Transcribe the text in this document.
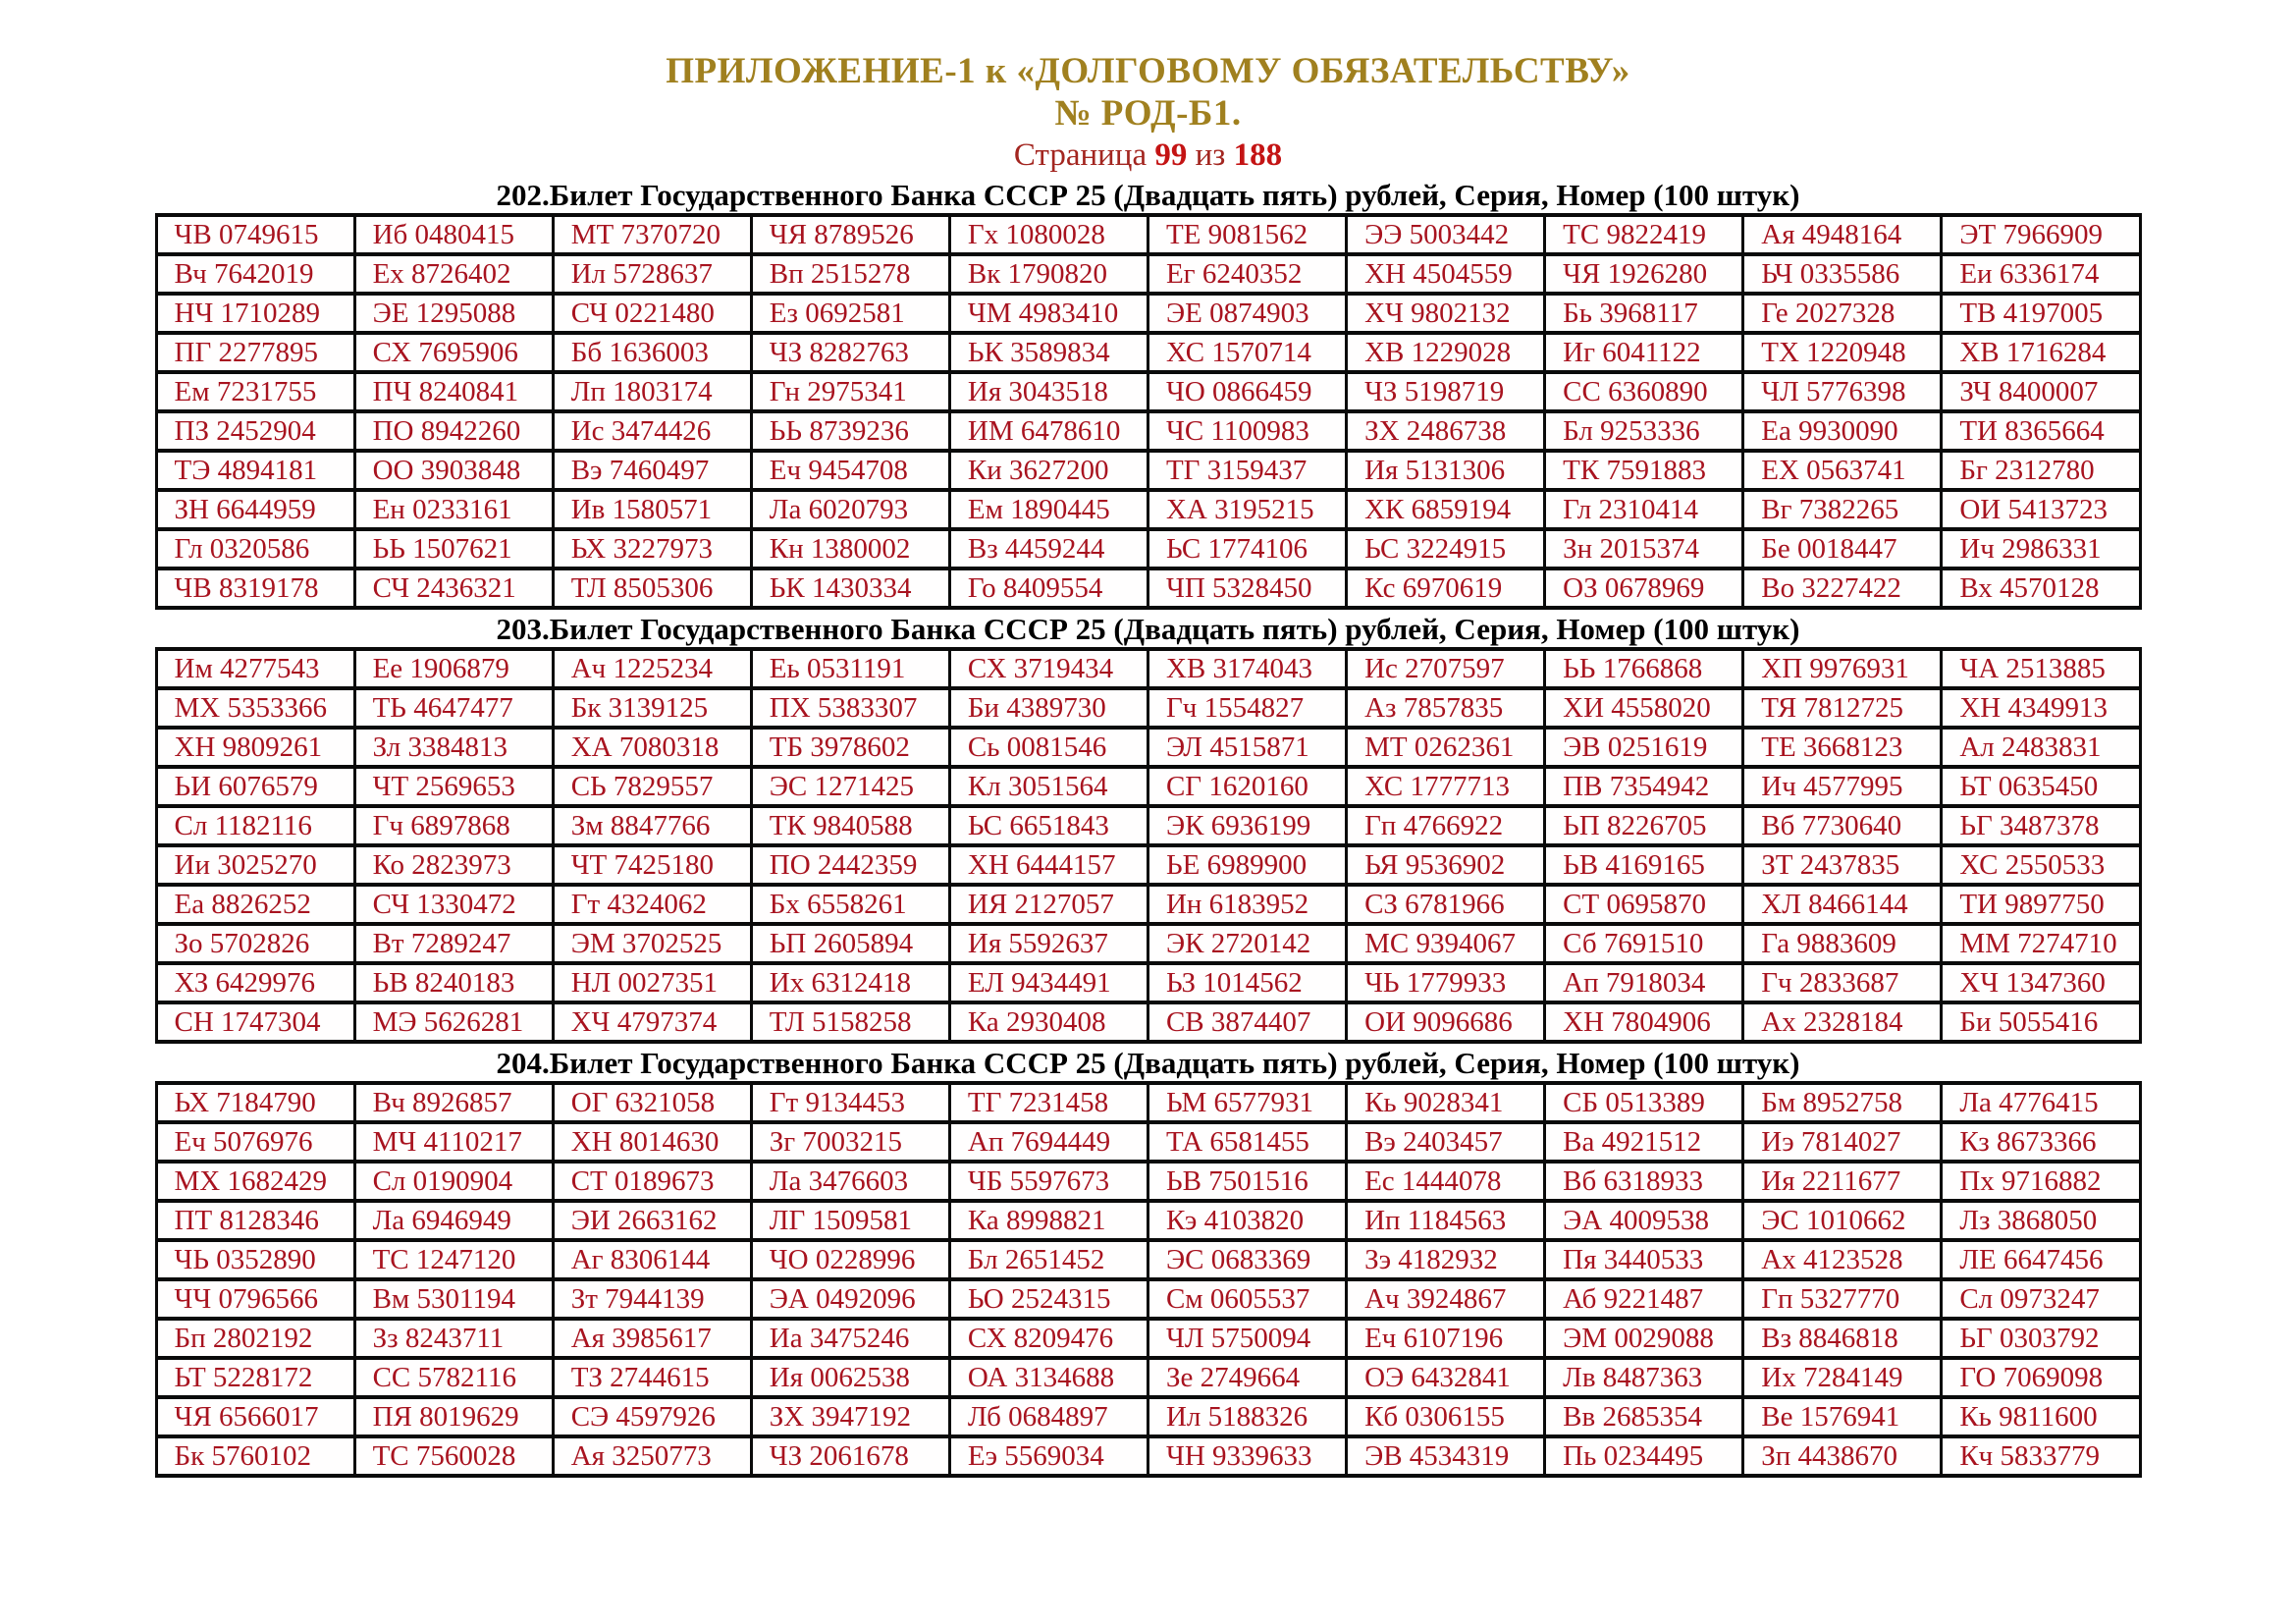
ПРИЛОЖЕНИЕ-1 к «ДОЛГОВОМУ ОБЯЗАТЕЛЬСТВУ»
№ РОД-Б1.
Страница 99 из 188
202.Билет Государственного Банка СССР 25 (Двадцать пять) рублей, Серия, Номер (100 штук)
ЧВ 0749615	Иб 0480415	МТ 7370720	ЧЯ 8789526	Гх 1080028	ТЕ 9081562	ЭЭ 5003442	ТС 9822419	Ая 4948164	ЭТ 7966909
Вч 7642019	Ех 8726402	Ил 5728637	Вп 2515278	Вк 1790820	Ег 6240352	ХН 4504559	ЧЯ 1926280	ЬЧ 0335586	Еи 6336174
НЧ 1710289	ЭЕ 1295088	СЧ 0221480	Ез 0692581	ЧМ 4983410	ЭЕ 0874903	ХЧ 9802132	Бь 3968117	Ге 2027328	ТВ 4197005
ПГ 2277895	СХ 7695906	Бб 1636003	ЧЗ 8282763	ЬК 3589834	ХС 1570714	ХВ 1229028	Иг 6041122	ТХ 1220948	ХВ 1716284
Ем 7231755	ПЧ 8240841	Лп 1803174	Гн 2975341	Ия 3043518	ЧО 0866459	ЧЗ 5198719	СС 6360890	ЧЛ 5776398	ЗЧ 8400007
ПЗ 2452904	ПО 8942260	Ис 3474426	ЬЬ 8739236	ИМ 6478610	ЧС 1100983	ЗХ 2486738	Бл 9253336	Еа 9930090	ТИ 8365664
ТЭ 4894181	ОО 3903848	Вэ 7460497	Еч 9454708	Ки 3627200	ТГ 3159437	Ия 5131306	ТК 7591883	ЕХ 0563741	Бг 2312780
ЗН 6644959	Ен 0233161	Ив 1580571	Ла 6020793	Ем 1890445	ХА 3195215	ХК 6859194	Гл 2310414	Вг 7382265	ОИ 5413723
Гл 0320586	ЬЬ 1507621	ЬХ 3227973	Кн 1380002	Вз 4459244	ЬС 1774106	ЬС 3224915	Зн 2015374	Бе 0018447	Ич 2986331
ЧВ 8319178	СЧ 2436321	ТЛ 8505306	ЬК 1430334	Го 8409554	ЧП 5328450	Кс 6970619	ОЗ 0678969	Во 3227422	Вх 4570128
203.Билет Государственного Банка СССР 25 (Двадцать пять) рублей, Серия, Номер (100 штук)
Им 4277543	Ее 1906879	Ач 1225234	Еь 0531191	СХ 3719434	ХВ 3174043	Ис 2707597	ЬЬ 1766868	ХП 9976931	ЧА 2513885
МХ 5353366	ТЬ 4647477	Бк 3139125	ПХ 5383307	Би 4389730	Гч 1554827	Аз 7857835	ХИ 4558020	ТЯ 7812725	ХН 4349913
ХН 9809261	Зл 3384813	ХА 7080318	ТБ 3978602	Сь 0081546	ЭЛ 4515871	МТ 0262361	ЭВ 0251619	ТЕ 3668123	Ал 2483831
ЬИ 6076579	ЧТ 2569653	СЬ 7829557	ЭС 1271425	Кл 3051564	СГ 1620160	ХС 1777713	ПВ 7354942	Ич 4577995	ЬТ 0635450
Сл 1182116	Гч 6897868	Зм 8847766	ТК 9840588	ЬС 6651843	ЭК 6936199	Гп 4766922	ЬП 8226705	Вб 7730640	ЬГ 3487378
Ии 3025270	Ко 2823973	ЧТ 7425180	ПО 2442359	ХН 6444157	ЬЕ 6989900	ЬЯ 9536902	ЬВ 4169165	ЗТ 2437835	ХС 2550533
Еа 8826252	СЧ 1330472	Гт 4324062	Бх 6558261	ИЯ 2127057	Ин 6183952	СЗ 6781966	СТ 0695870	ХЛ 8466144	ТИ 9897750
Зо 5702826	Вт 7289247	ЭМ 3702525	ЬП 2605894	Ия 5592637	ЭК 2720142	МС 9394067	Сб 7691510	Га 9883609	ММ 7274710
ХЗ 6429976	ЬВ 8240183	НЛ 0027351	Их 6312418	ЕЛ 9434491	ЬЗ 1014562	ЧЬ 1779933	Ап 7918034	Гч 2833687	ХЧ 1347360
СН 1747304	МЭ 5626281	ХЧ 4797374	ТЛ 5158258	Ка 2930408	СВ 3874407	ОИ 9096686	ХН 7804906	Ах 2328184	Би 5055416
204.Билет Государственного Банка СССР 25 (Двадцать пять) рублей, Серия, Номер (100 штук)
ЬХ 7184790	Вч 8926857	ОГ 6321058	Гт 9134453	ТГ 7231458	ЬМ 6577931	Кь 9028341	СБ 0513389	Бм 8952758	Ла 4776415
Еч 5076976	МЧ 4110217	ХН 8014630	Зг 7003215	Ап 7694449	ТА 6581455	Вэ 2403457	Ва 4921512	Иэ 7814027	Кз 8673366
МХ 1682429	Сл 0190904	СТ 0189673	Ла 3476603	ЧБ 5597673	ЬВ 7501516	Ес 1444078	Вб 6318933	Ия 2211677	Пх 9716882
ПТ 8128346	Ла 6946949	ЭИ 2663162	ЛГ 1509581	Ка 8998821	Кэ 4103820	Ип 1184563	ЭА 4009538	ЭС 1010662	Лз 3868050
ЧЬ 0352890	ТС 1247120	Аг 8306144	ЧО 0228996	Бл 2651452	ЭС 0683369	Зэ 4182932	Пя 3440533	Ах 4123528	ЛЕ 6647456
ЧЧ 0796566	Вм 5301194	Зт 7944139	ЭА 0492096	ЬО 2524315	См 0605537	Ач 3924867	Аб 9221487	Гп 5327770	Сл 0973247
Бп 2802192	Зз 8243711	Ая 3985617	Иа 3475246	СХ 8209476	ЧЛ 5750094	Еч 6107196	ЭМ 0029088	Вз 8846818	ЬГ 0303792
ЬТ 5228172	СС 5782116	ТЗ 2744615	Ия 0062538	ОА 3134688	Зе 2749664	ОЭ 6432841	Лв 8487363	Их 7284149	ГО 7069098
ЧЯ 6566017	ПЯ 8019629	СЭ 4597926	ЗХ 3947192	Лб 0684897	Ил 5188326	Кб 0306155	Вв 2685354	Ве 1576941	Кь 9811600
Бк 5760102	ТС 7560028	Ая 3250773	ЧЗ 2061678	Еэ 5569034	ЧН 9339633	ЭВ 4534319	Пь 0234495	Зп 4438670	Кч 5833779
